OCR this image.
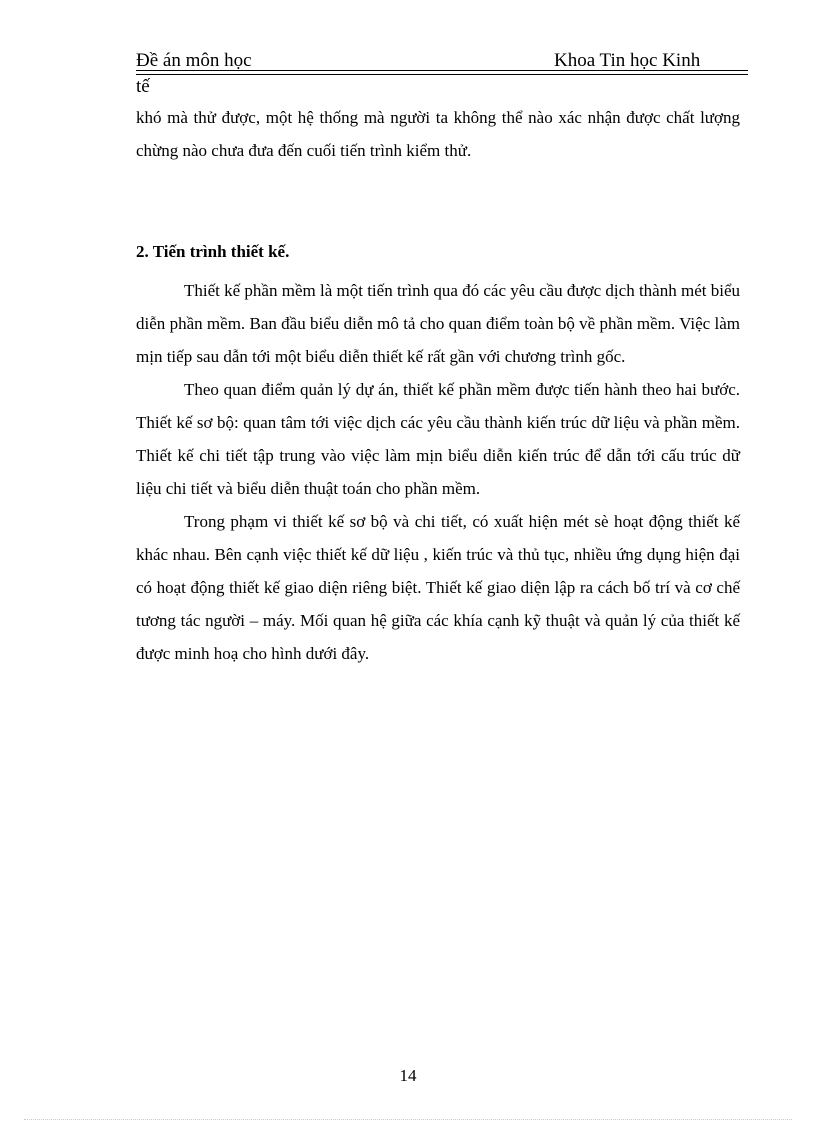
Đề án môn học	Khoa Tin học Kinh
tế

khó mà thử được, một hệ thống mà người ta không thể nào xác nhận được chất lượng chừng nào chưa đưa đến cuối tiến trình kiểm thử.

2. Tiến trình thiết kế.

Thiết kế phần mềm là một tiến trình qua đó các yêu cầu được dịch thành mét biểu diễn phần mềm. Ban đầu biểu diễn mô tả cho quan điểm toàn bộ về phần mềm. Việc làm mịn tiếp sau dẫn tới một biểu diễn thiết kế rất gần với chương trình gốc.

Theo quan điểm quản lý dự án, thiết kế phần mềm được tiến hành theo hai bước. Thiết kế sơ bộ: quan tâm tới việc dịch các yêu cầu thành kiến trúc dữ liệu và phần mềm. Thiết kế chi tiết tập trung vào việc làm mịn biểu diễn kiến trúc để dẫn tới cấu trúc dữ liệu chi tiết và biểu diễn thuật toán cho phần mềm.

Trong phạm vi thiết kế sơ bộ và chi tiết, có xuất hiện mét sè hoạt động thiết kế khác nhau. Bên cạnh việc thiết kế dữ liệu , kiến trúc và thủ tục, nhiều ứng dụng hiện đại có hoạt động thiết kế giao diện riêng biệt. Thiết kế giao diện lập ra cách bố trí và cơ chế tương tác người – máy. Mối quan hệ giữa các khía cạnh kỹ thuật và quản lý của thiết kế được minh hoạ cho hình dưới đây.

14
